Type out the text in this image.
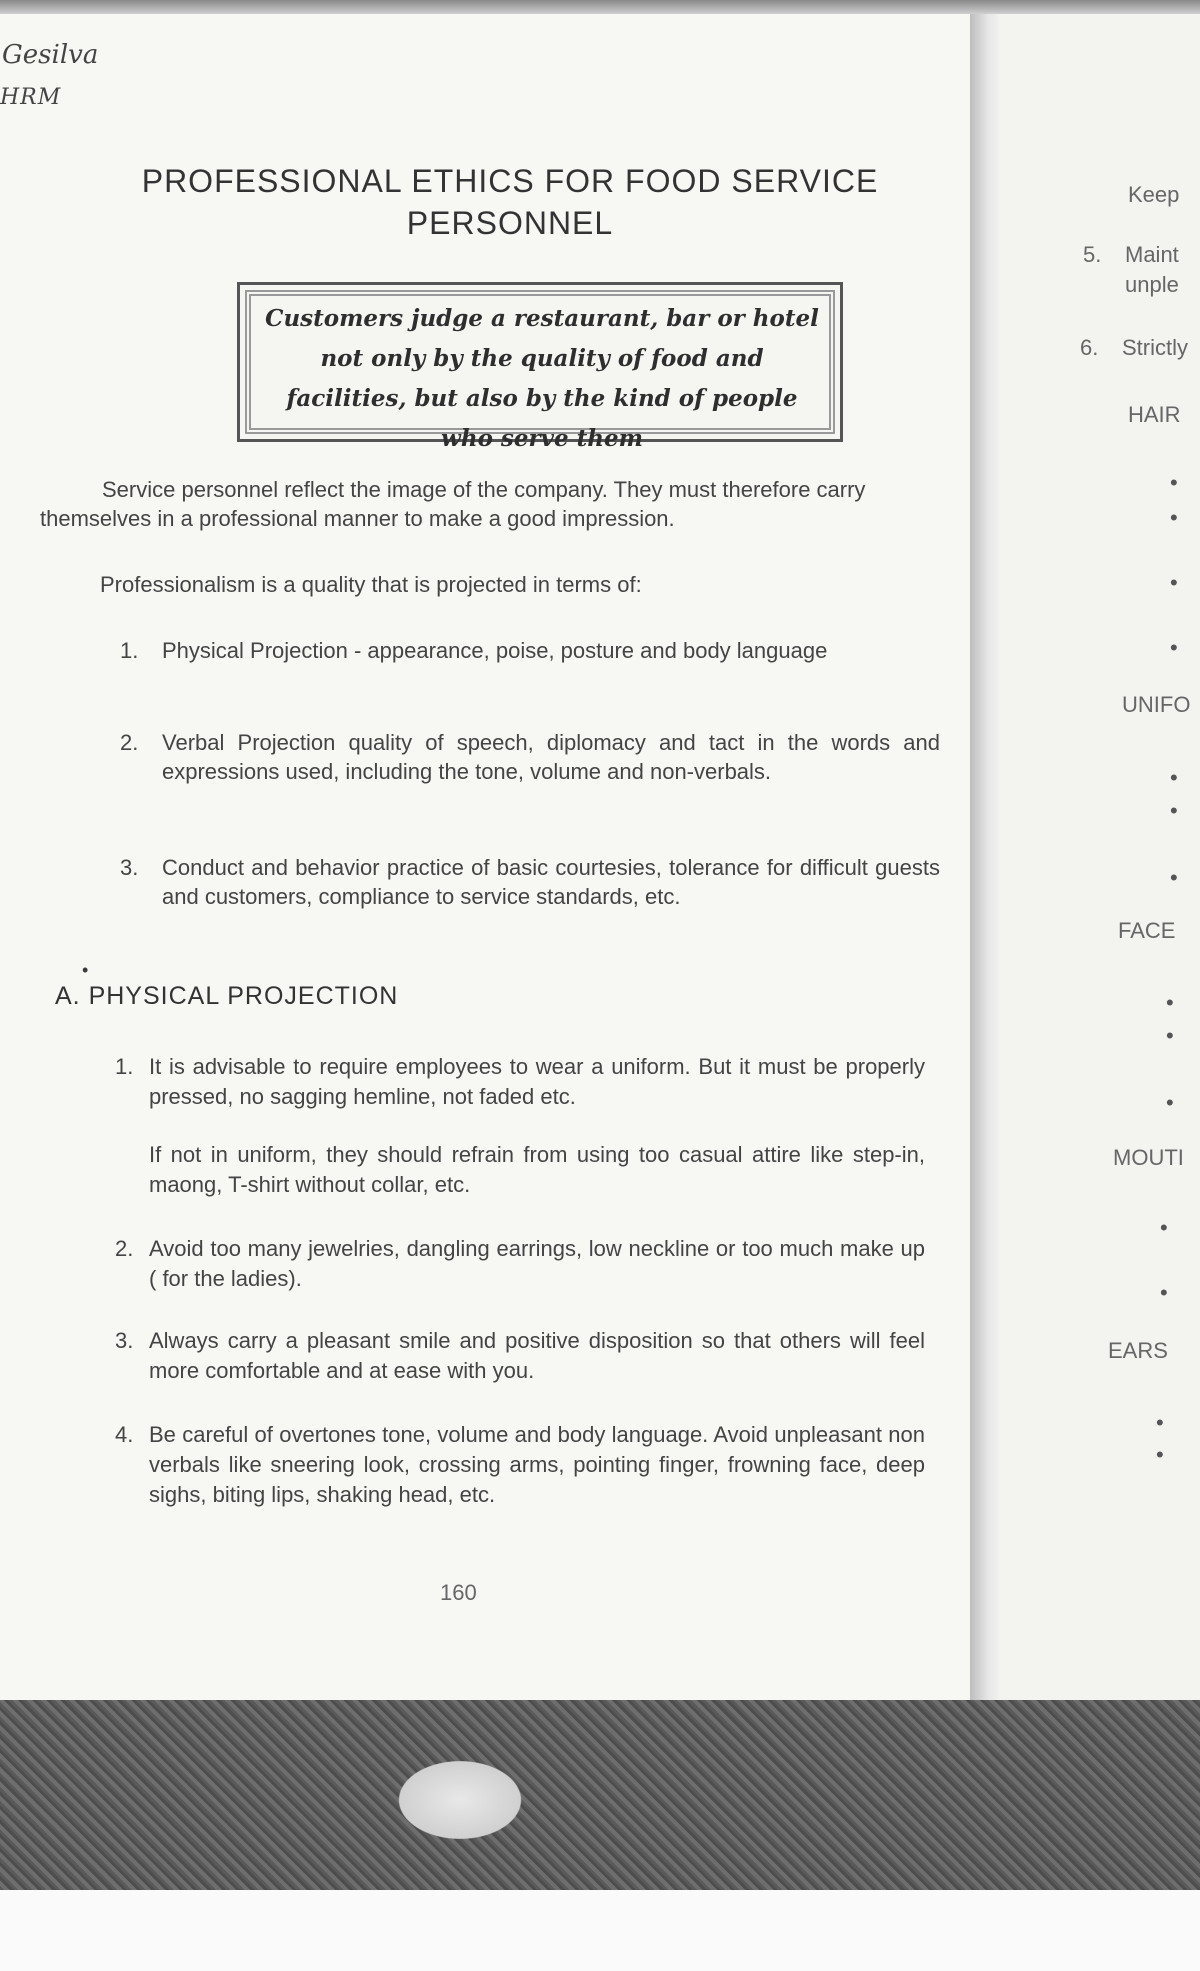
Gesilva
HRM
PROFESSIONAL ETHICS FOR FOOD SERVICE
PERSONNEL
Customers judge a restaurant, bar or hotel not only by the quality of food and facilities, but also by the kind of people who serve them
Service personnel reflect the image of the company. They must therefore carry themselves in a professional manner to make a good impression.
Professionalism is a quality that is projected in terms of:
1. Physical Projection - appearance, poise, posture and body language
2. Verbal Projection quality of speech, diplomacy and tact in the words and expressions used, including the tone, volume and non-verbals.
3. Conduct and behavior practice of basic courtesies, tolerance for difficult guests and customers, compliance to service standards, etc.
•
A. PHYSICAL PROJECTION
1. It is advisable to require employees to wear a uniform. But it must be properly pressed, no sagging hemline, not faded etc.
If not in uniform, they should refrain from using too casual attire like step-in, maong, T-shirt without collar, etc.
2. Avoid too many jewelries, dangling earrings, low neckline or too much make up ( for the ladies).
3. Always carry a pleasant smile and positive disposition so that others will feel more comfortable and at ease with you.
4. Be careful of overtones tone, volume and body language. Avoid unpleasant non verbals like sneering look, crossing arms, pointing finger, frowning face, deep sighs, biting lips, shaking head, etc.
160
Keep
5. Maint
unple
6. Strictly
HAIR
•
•
•
•
UNIFO
•
•
•
FACE
•
•
•
MOUTI
•
•
EARS
•
•
